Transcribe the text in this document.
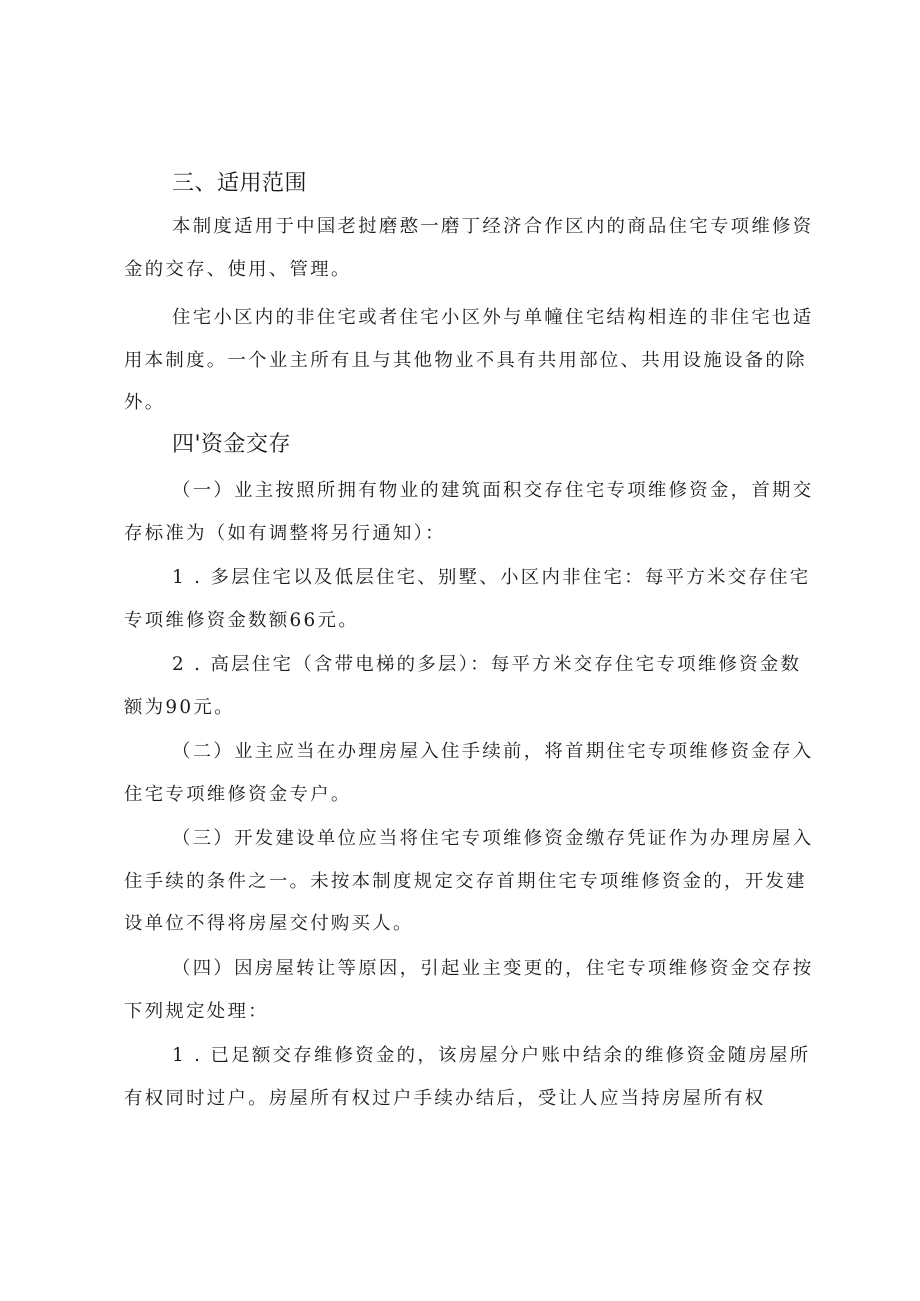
三、适用范围

本制度适用于中国老挝磨憨一磨丁经济合作区内的商品住宅专项维修资金的交存、使用、管理。

住宅小区内的非住宅或者住宅小区外与单幢住宅结构相连的非住宅也适用本制度。一个业主所有且与其他物业不具有共用部位、共用设施设备的除外。

四'资金交存

（一）业主按照所拥有物业的建筑面积交存住宅专项维修资金，首期交存标准为（如有调整将另行通知）：

1 . 多层住宅以及低层住宅、别墅、小区内非住宅：每平方米交存住宅专项维修资金数额66元。

2 . 高层住宅（含带电梯的多层）：每平方米交存住宅专项维修资金数额为90元。

（二）业主应当在办理房屋入住手续前，将首期住宅专项维修资金存入住宅专项维修资金专户。

（三）开发建设单位应当将住宅专项维修资金缴存凭证作为办理房屋入住手续的条件之一。未按本制度规定交存首期住宅专项维修资金的，开发建设单位不得将房屋交付购买人。

（四）因房屋转让等原因，引起业主变更的，住宅专项维修资金交存按下列规定处理：

1 . 已足额交存维修资金的，该房屋分户账中结余的维修资金随房屋所有权同时过户。房屋所有权过户手续办结后，受让人应当持房屋所有权
